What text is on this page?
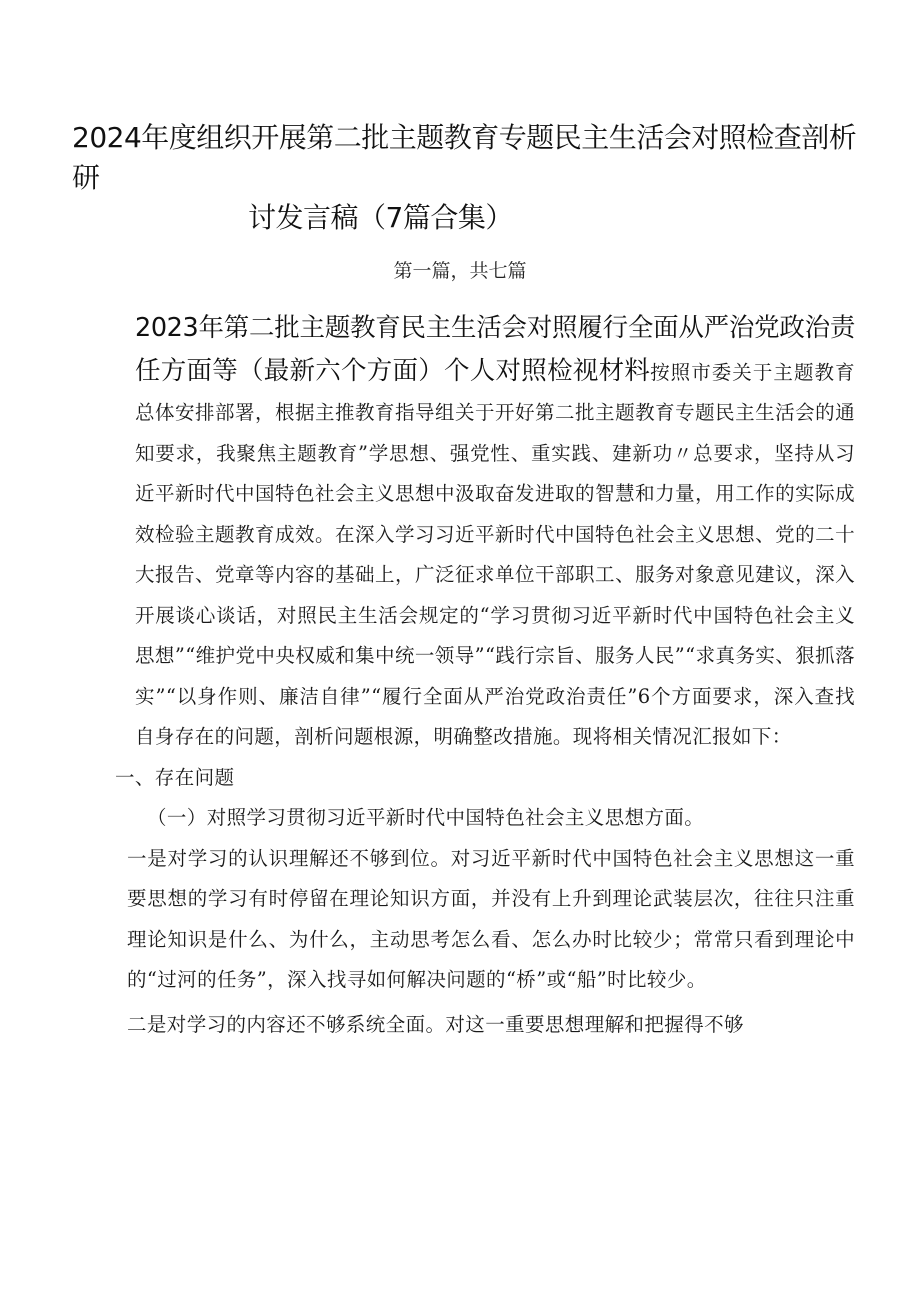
2024年度组织开展第二批主题教育专题民主生活会对照检查剖析研
讨发言稿（7篇合集）
第一篇，共七篇

2023年第二批主题教育民主生活会对照履行全面从严治党政治责任方面等（最新六个方面）个人对照检视材料按照市委关于主题教育总体安排部署，根据主推教育指导组关于开好第二批主题教育专题民主生活会的通知要求，我聚焦主题教育”学思想、强党性、重实践、建新功〃总要求，坚持从习近平新时代中国特色社会主义思想中汲取奋发进取的智慧和力量，用工作的实际成效检验主题教育成效。在深入学习习近平新时代中国特色社会主义思想、党的二十大报告、党章等内容的基础上，广泛征求单位干部职工、服务对象意见建议，深入开展谈心谈话，对照民主生活会规定的“学习贯彻习近平新时代中国特色社会主义思想”“维护党中央权威和集中统一领导”“践行宗旨、服务人民”“求真务实、狠抓落实”“以身作则、廉洁自律”“履行全面从严治党政治责任”6个方面要求，深入查找自身存在的问题，剖析问题根源，明确整改措施。现将相关情况汇报如下：

一、存在问题

（一）对照学习贯彻习近平新时代中国特色社会主义思想方面。

一是对学习的认识理解还不够到位。对习近平新时代中国特色社会主义思想这一重要思想的学习有时停留在理论知识方面，并没有上升到理论武装层次，往往只注重理论知识是什么、为什么，主动思考怎么看、怎么办时比较少；常常只看到理论中的“过河的任务”，深入找寻如何解决问题的“桥”或“船”时比较少。

二是对学习的内容还不够系统全面。对这一重要思想理解和把握得不够
